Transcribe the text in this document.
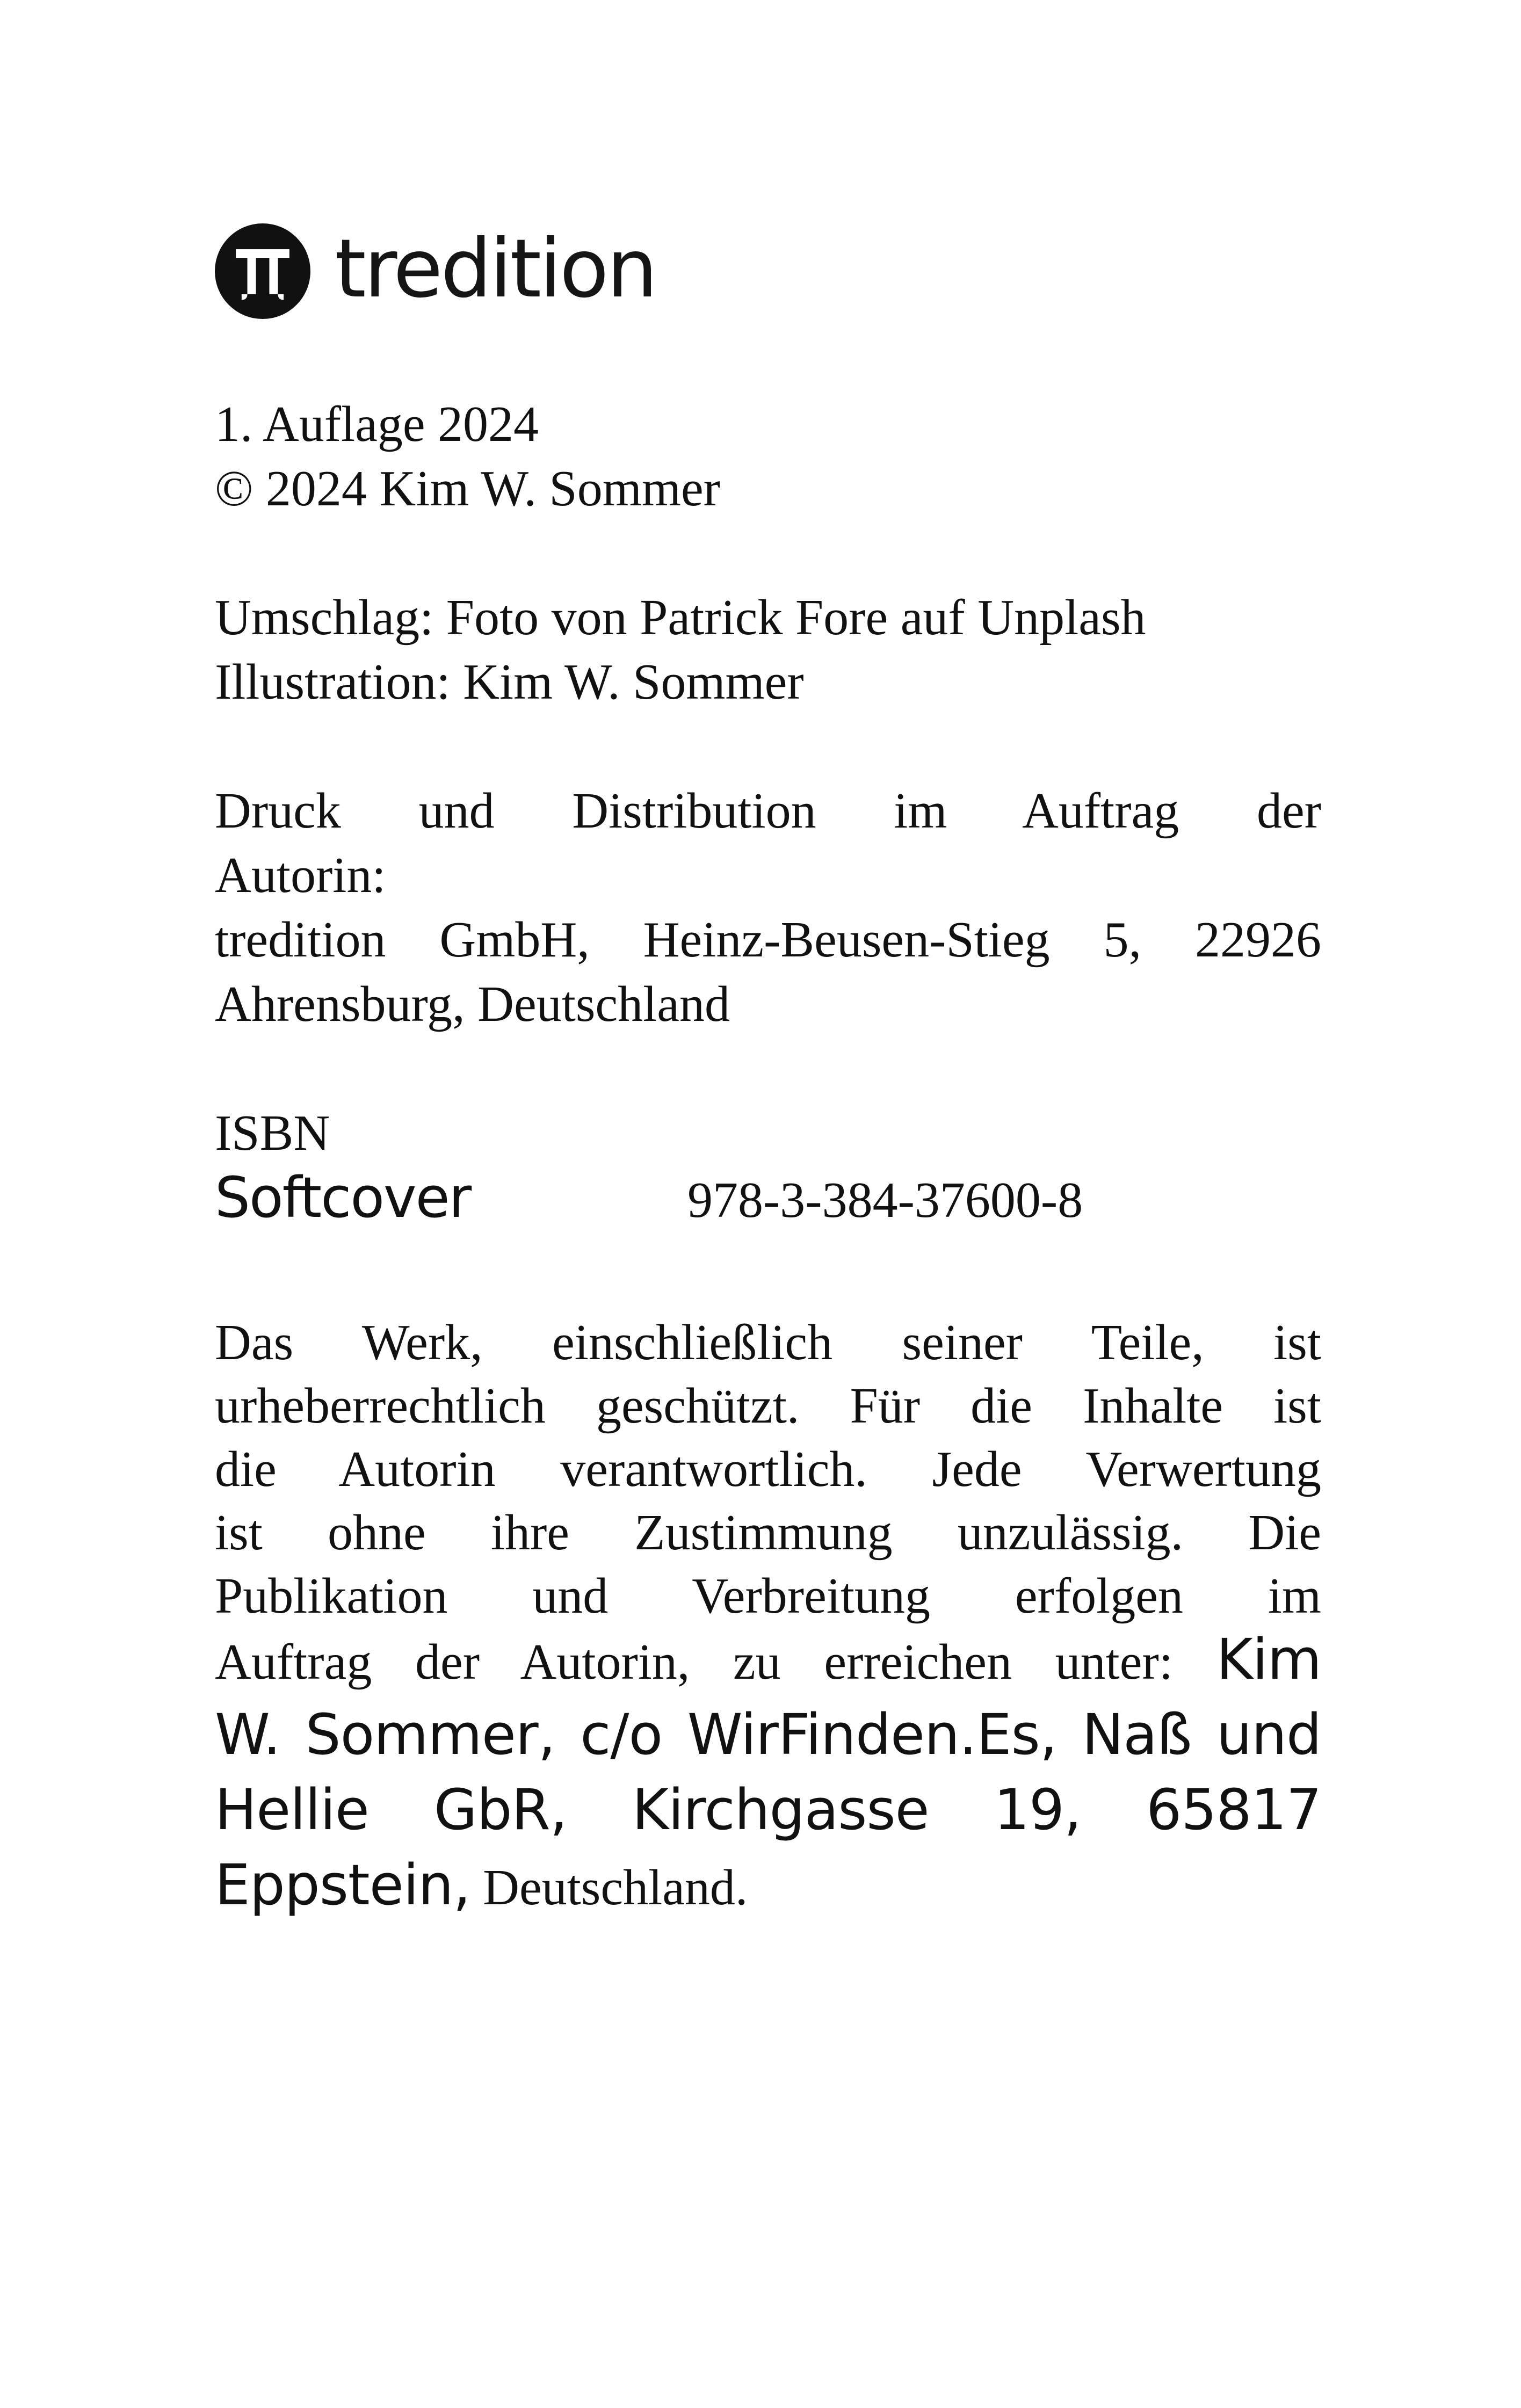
tredition
1. Auflage 2024
© 2024 Kim W. Sommer
Umschlag: Foto von Patrick Fore auf Unplash
Illustration: Kim W. Sommer
Druck und Distribution im Auftrag der
Autorin:
tredition GmbH, Heinz-Beusen-Stieg 5, 22926
Ahrensburg, Deutschland
ISBN
Softcover	978-3-384-37600-8
Das Werk, einschließlich seiner Teile, ist
urheberrechtlich geschützt. Für die Inhalte ist
die Autorin verantwortlich. Jede Verwertung
ist ohne ihre Zustimmung unzulässig. Die
Publikation und Verbreitung erfolgen im
Auftrag der Autorin, zu erreichen unter: Kim
W. Sommer, c/o WirFinden.Es, Naß und
Hellie GbR, Kirchgasse 19, 65817
Eppstein, Deutschland.
